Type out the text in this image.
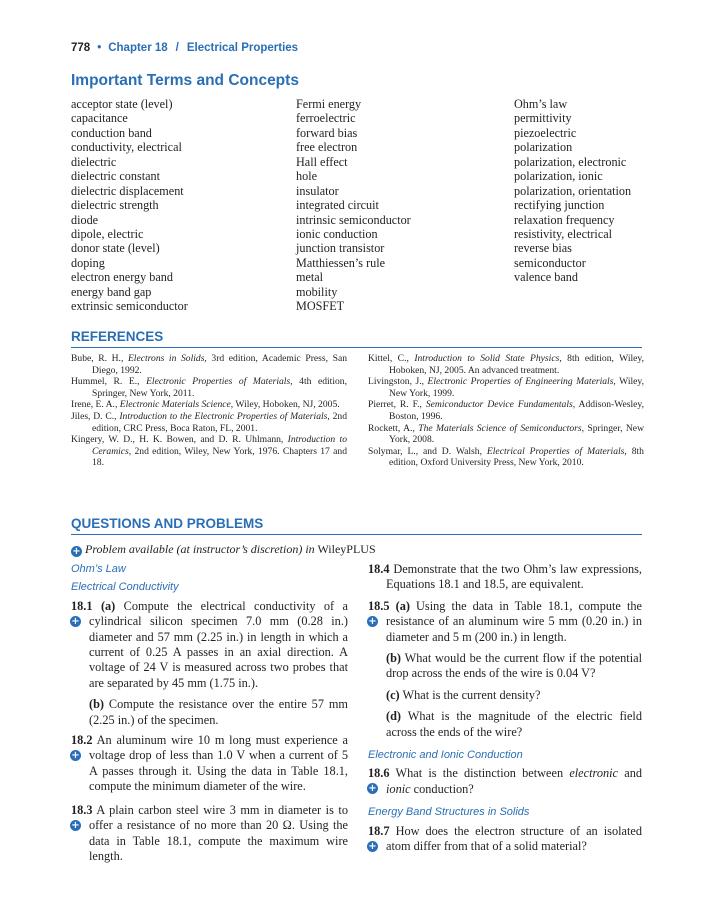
778 • Chapter 18 / Electrical Properties
Important Terms and Concepts
acceptor state (level)
capacitance
conduction band
conductivity, electrical
dielectric
dielectric constant
dielectric displacement
dielectric strength
diode
dipole, electric
donor state (level)
doping
electron energy band
energy band gap
extrinsic semiconductor
Fermi energy
ferroelectric
forward bias
free electron
Hall effect
hole
insulator
integrated circuit
intrinsic semiconductor
ionic conduction
junction transistor
Matthiessen’s rule
metal
mobility
MOSFET
Ohm’s law
permittivity
piezoelectric
polarization
polarization, electronic
polarization, ionic
polarization, orientation
rectifying junction
relaxation frequency
resistivity, electrical
reverse bias
semiconductor
valence band
REFERENCES
Bube, R. H., Electrons in Solids, 3rd edition, Academic Press, San Diego, 1992.
Hummel, R. E., Electronic Properties of Materials, 4th edition, Springer, New York, 2011.
Irene, E. A., Electronic Materials Science, Wiley, Hoboken, NJ, 2005.
Jiles, D. C., Introduction to the Electronic Properties of Materials, 2nd edition, CRC Press, Boca Raton, FL, 2001.
Kingery, W. D., H. K. Bowen, and D. R. Uhlmann, Introduction to Ceramics, 2nd edition, Wiley, New York, 1976. Chapters 17 and 18.
Kittel, C., Introduction to Solid State Physics, 8th edition, Wiley, Hoboken, NJ, 2005. An advanced treatment.
Livingston, J., Electronic Properties of Engineering Materials, Wiley, New York, 1999.
Pierret, R. F., Semiconductor Device Fundamentals, Addison-Wesley, Boston, 1996.
Rockett, A., The Materials Science of Semiconductors, Springer, New York, 2008.
Solymar, L., and D. Walsh, Electrical Properties of Materials, 8th edition, Oxford University Press, New York, 2010.
QUESTIONS AND PROBLEMS
+ Problem available (at instructor’s discretion) in WileyPLUS
Ohm’s Law
Electrical Conductivity
+
18.1 (a) Compute the electrical conductivity of a cylindrical silicon specimen 7.0 mm (0.28 in.) diameter and 57 mm (2.25 in.) in length in which a current of 0.25 A passes in an axial direction. A voltage of 24 V is measured across two probes that are separated by 45 mm (1.75 in.).
(b) Compute the resistance over the entire 57 mm (2.25 in.) of the specimen.
+
18.2 An aluminum wire 10 m long must experience a voltage drop of less than 1.0 V when a current of 5 A passes through it. Using the data in Table 18.1, compute the minimum diameter of the wire.
+
18.3 A plain carbon steel wire 3 mm in diameter is to offer a resistance of no more than 20 Ω. Using the data in Table 18.1, compute the maximum wire length.
18.4 Demonstrate that the two Ohm’s law expressions, Equations 18.1 and 18.5, are equivalent.
+
18.5 (a) Using the data in Table 18.1, compute the resistance of an aluminum wire 5 mm (0.20 in.) in diameter and 5 m (200 in.) in length.
(b) What would be the current flow if the potential drop across the ends of the wire is 0.04 V?
(c) What is the current density?
(d) What is the magnitude of the electric field across the ends of the wire?
Electronic and Ionic Conduction
+
18.6 What is the distinction between electronic and ionic conduction?
Energy Band Structures in Solids
+
18.7 How does the electron structure of an isolated atom differ from that of a solid material?
